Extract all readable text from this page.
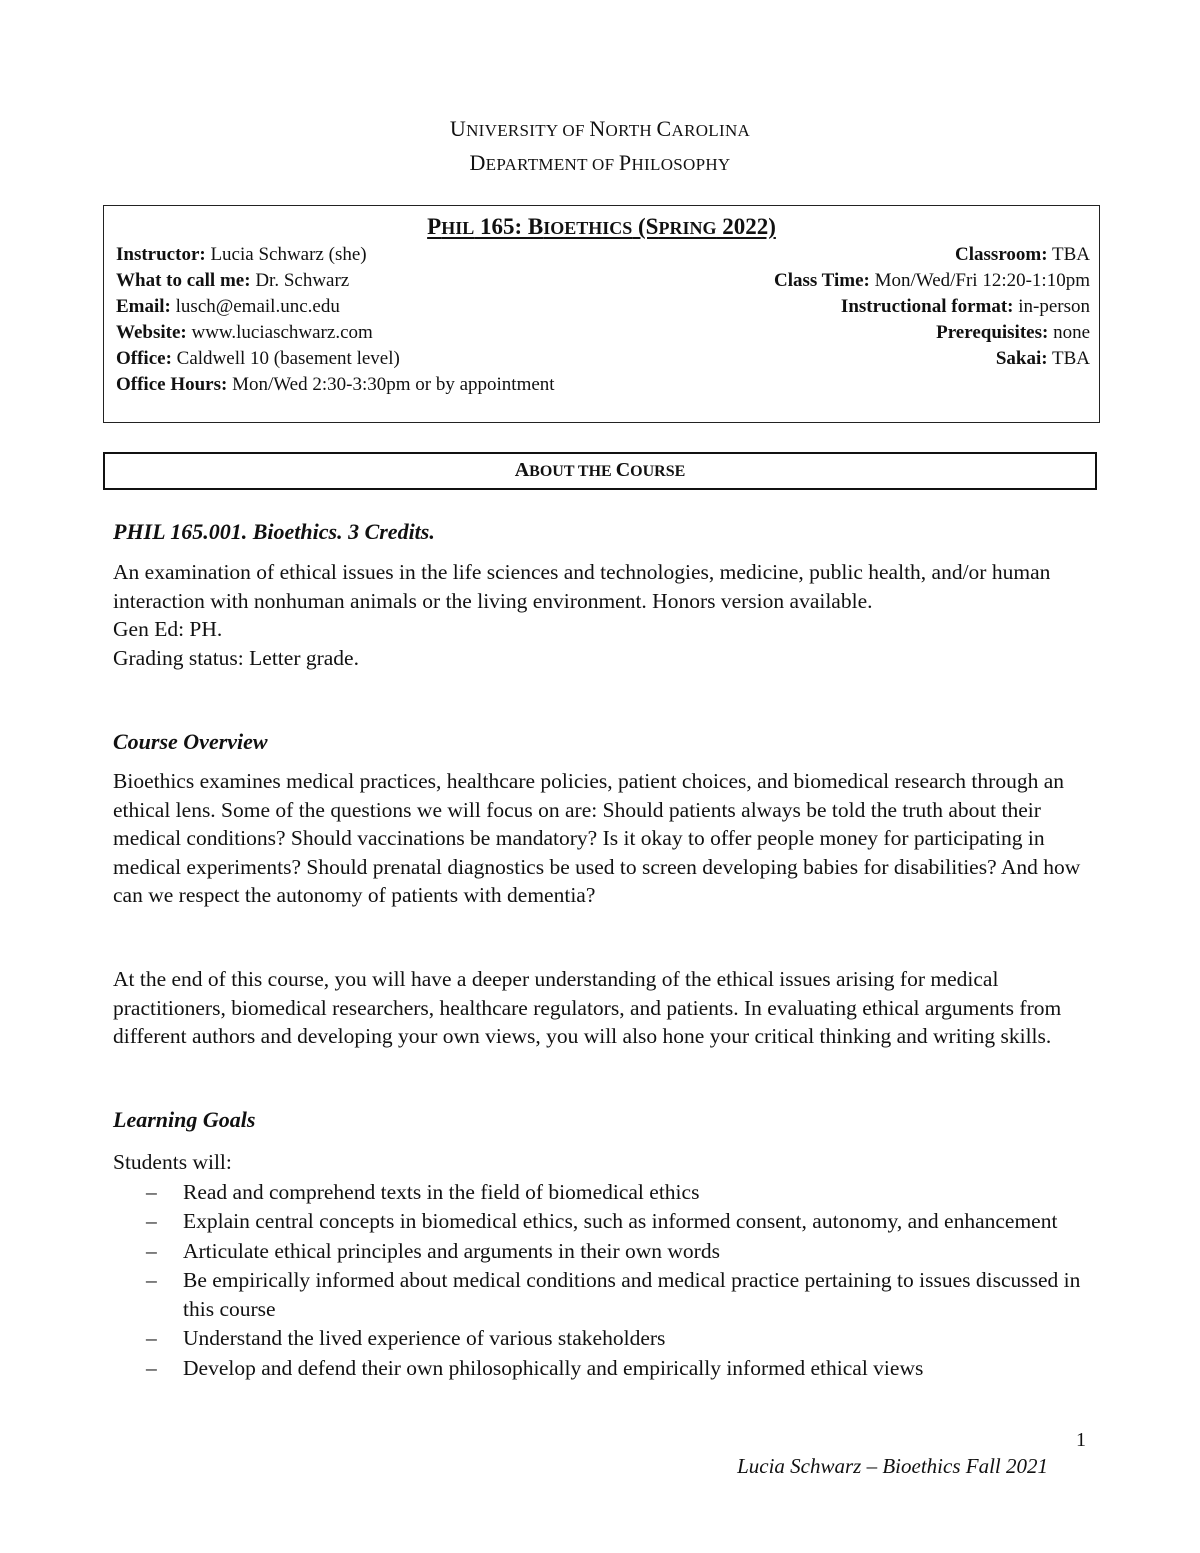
UNIVERSITY OF NORTH CAROLINA
DEPARTMENT OF PHILOSOPHY
PHIL 165: BIOETHICS (SPRING 2022)
Instructor: Lucia Schwarz (she)
What to call me: Dr. Schwarz
Email: lusch@email.unc.edu
Website: www.luciaschwarz.com
Office: Caldwell 10 (basement level)
Office Hours: Mon/Wed 2:30-3:30pm or by appointment
Classroom: TBA
Class Time: Mon/Wed/Fri 12:20-1:10pm
Instructional format: in-person
Prerequisites: none
Sakai: TBA
ABOUT THE COURSE
PHIL 165.001. Bioethics. 3 Credits.
An examination of ethical issues in the life sciences and technologies, medicine, public health, and/or human interaction with nonhuman animals or the living environment. Honors version available.
Gen Ed: PH.
Grading status: Letter grade.
Course Overview
Bioethics examines medical practices, healthcare policies, patient choices, and biomedical research through an ethical lens. Some of the questions we will focus on are: Should patients always be told the truth about their medical conditions? Should vaccinations be mandatory? Is it okay to offer people money for participating in medical experiments? Should prenatal diagnostics be used to screen developing babies for disabilities? And how can we respect the autonomy of patients with dementia?
At the end of this course, you will have a deeper understanding of the ethical issues arising for medical practitioners, biomedical researchers, healthcare regulators, and patients. In evaluating ethical arguments from different authors and developing your own views, you will also hone your critical thinking and writing skills.
Learning Goals
Students will:
– Read and comprehend texts in the field of biomedical ethics
– Explain central concepts in biomedical ethics, such as informed consent, autonomy, and enhancement
– Articulate ethical principles and arguments in their own words
– Be empirically informed about medical conditions and medical practice pertaining to issues discussed in this course
– Understand the lived experience of various stakeholders
– Develop and defend their own philosophically and empirically informed ethical views
1
Lucia Schwarz – Bioethics Fall 2021
